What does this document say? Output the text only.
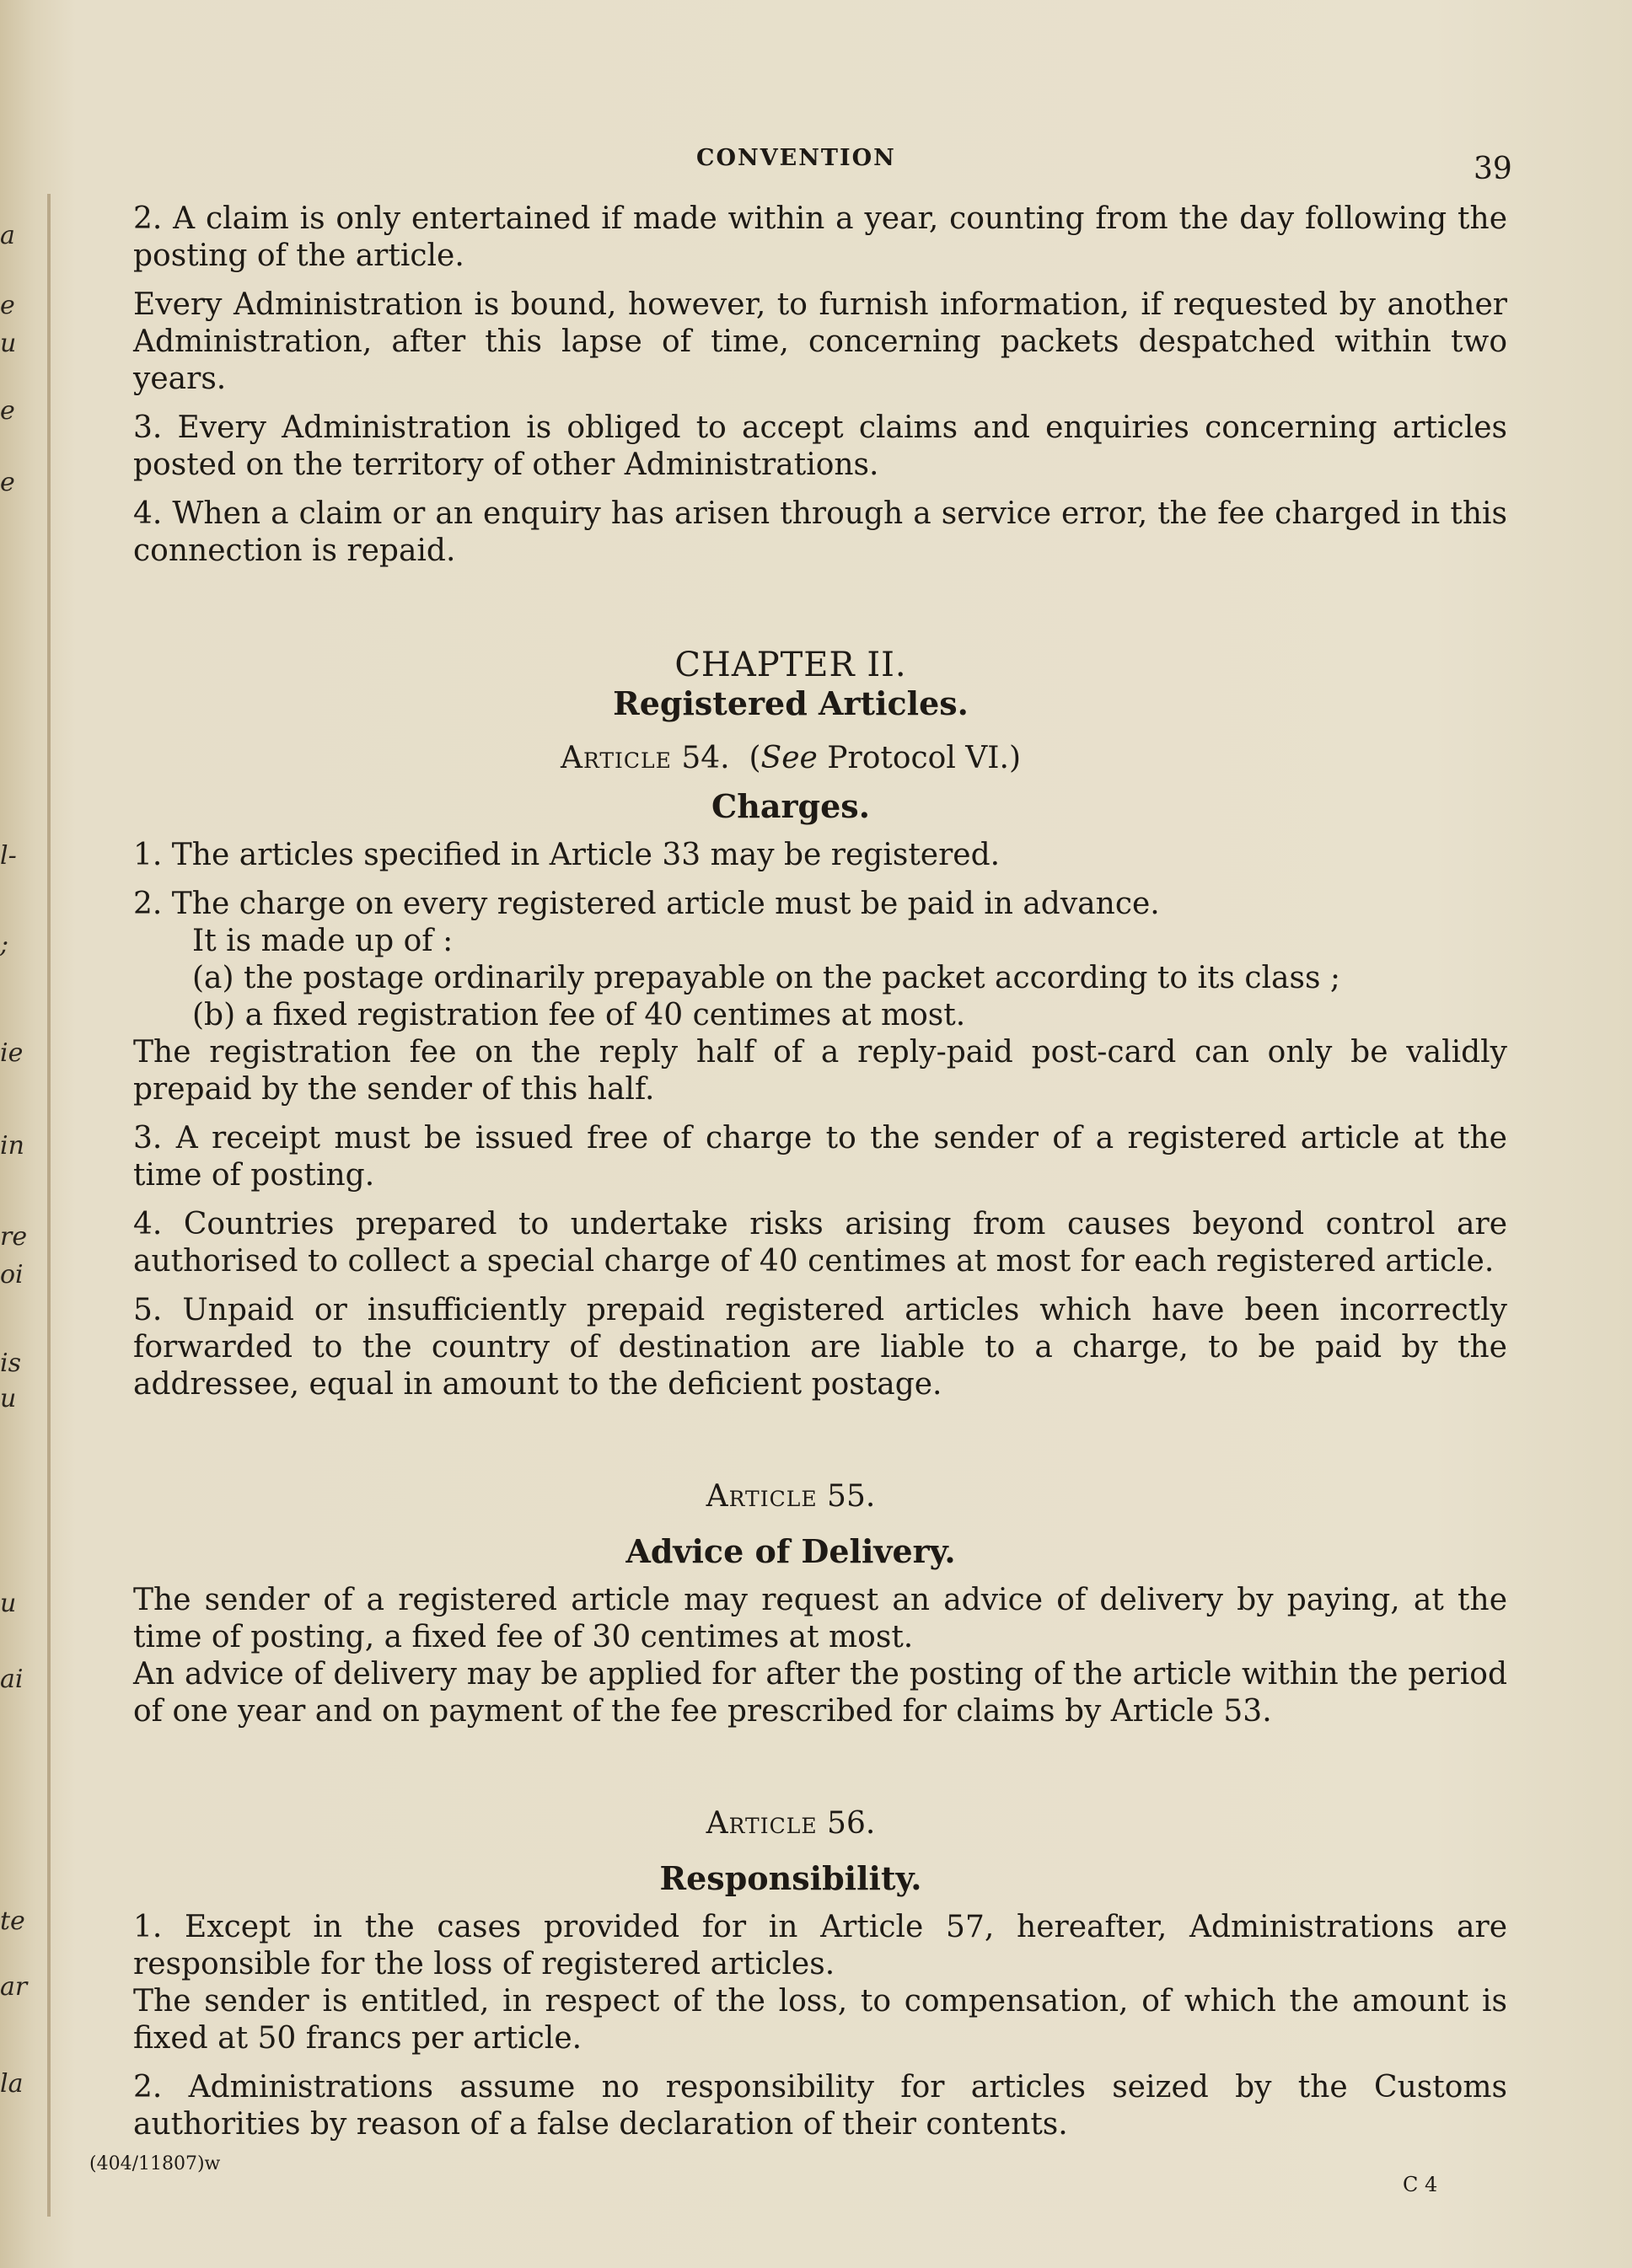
a
e
u
e
e
l-
;
ie
in
re
oi
is
u
u
ai
te
ar
la
CONVENTION	39

2. A claim is only entertained if made within a year, counting from the day following the posting of the article.

Every Administration is bound, however, to furnish information, if requested by another Administration, after this lapse of time, concerning packets despatched within two years.

3. Every Administration is obliged to accept claims and enquiries concerning articles posted on the territory of other Administrations.

4. When a claim or an enquiry has arisen through a service error, the fee charged in this connection is repaid.

CHAPTER II.
Registered Articles.
Article 54. (See Protocol VI.)
Charges.

1. The articles specified in Article 33 may be registered.

2. The charge on every registered article must be paid in advance.

It is made up of :

(a) the postage ordinarily prepayable on the packet according to its class ;

(b) a fixed registration fee of 40 centimes at most.

The registration fee on the reply half of a reply-paid post-card can only be validly prepaid by the sender of this half.

3. A receipt must be issued free of charge to the sender of a registered article at the time of posting.

4. Countries prepared to undertake risks arising from causes beyond control are authorised to collect a special charge of 40 centimes at most for each registered article.

5. Unpaid or insufficiently prepaid registered articles which have been incorrectly forwarded to the country of destination are liable to a charge, to be paid by the addressee, equal in amount to the deficient postage.

Article 55.
Advice of Delivery.

The sender of a registered article may request an advice of delivery by paying, at the time of posting, a fixed fee of 30 centimes at most.

An advice of delivery may be applied for after the posting of the article within the period of one year and on payment of the fee prescribed for claims by Article 53.

Article 56.
Responsibility.

1. Except in the cases provided for in Article 57, hereafter, Administrations are responsible for the loss of registered articles.

The sender is entitled, in respect of the loss, to compensation, of which the amount is fixed at 50 francs per article.

2. Administrations assume no responsibility for articles seized by the Customs authorities by reason of a false declaration of their contents.

(404/11807)w
C 4
